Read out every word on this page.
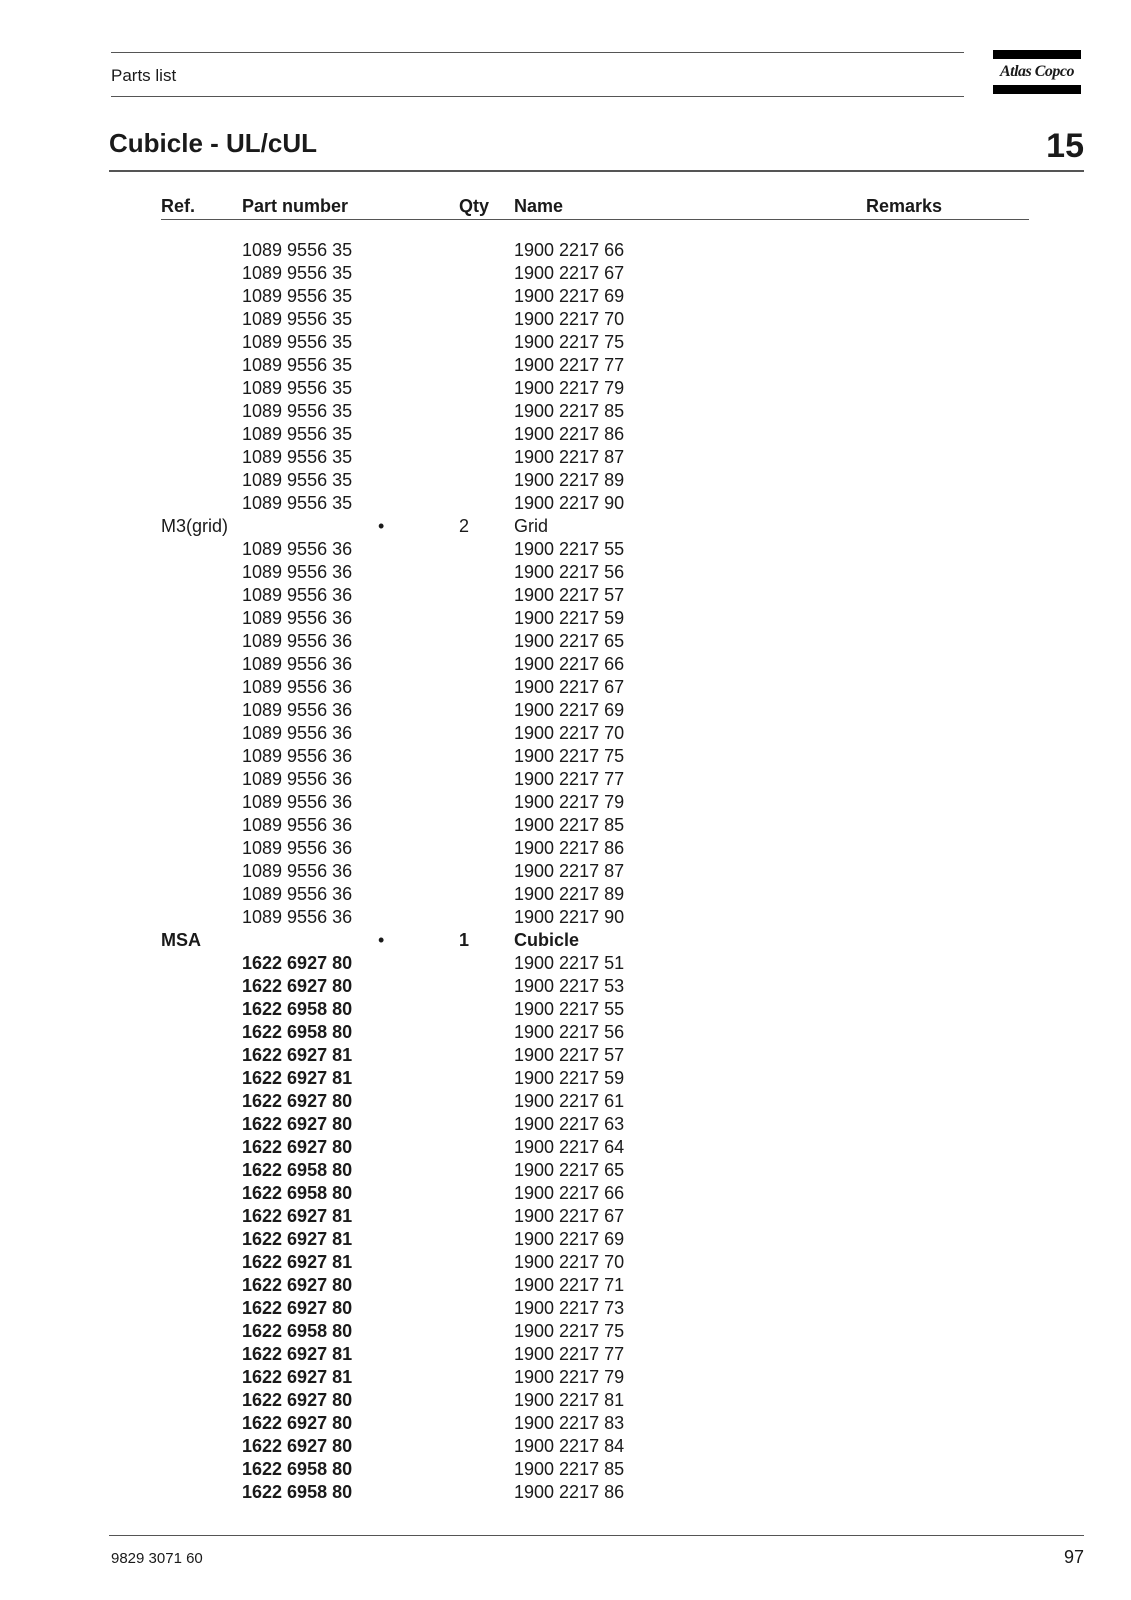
Parts list	Atlas Copco
Cubicle - UL/cUL	15
Ref.	Part number	Qty Name	Remarks
1089 9556 35	1900 2217 66
1089 9556 35	1900 2217 67
1089 9556 35	1900 2217 69
1089 9556 35	1900 2217 70
1089 9556 35	1900 2217 75
1089 9556 35	1900 2217 77
1089 9556 35	1900 2217 79
1089 9556 35	1900 2217 85
1089 9556 35	1900 2217 86
1089 9556 35	1900 2217 87
1089 9556 35	1900 2217 89
1089 9556 35	1900 2217 90
M3(grid)	•	2 Grid
1089 9556 36	1900 2217 55
1089 9556 36	1900 2217 56
1089 9556 36	1900 2217 57
1089 9556 36	1900 2217 59
1089 9556 36	1900 2217 65
1089 9556 36	1900 2217 66
1089 9556 36	1900 2217 67
1089 9556 36	1900 2217 69
1089 9556 36	1900 2217 70
1089 9556 36	1900 2217 75
1089 9556 36	1900 2217 77
1089 9556 36	1900 2217 79
1089 9556 36	1900 2217 85
1089 9556 36	1900 2217 86
1089 9556 36	1900 2217 87
1089 9556 36	1900 2217 89
1089 9556 36	1900 2217 90
MSA	•	1 Cubicle
1622 6927 80	1900 2217 51
1622 6927 80	1900 2217 53
1622 6958 80	1900 2217 55
1622 6958 80	1900 2217 56
1622 6927 81	1900 2217 57
1622 6927 81	1900 2217 59
1622 6927 80	1900 2217 61
1622 6927 80	1900 2217 63
1622 6927 80	1900 2217 64
1622 6958 80	1900 2217 65
1622 6958 80	1900 2217 66
1622 6927 81	1900 2217 67
1622 6927 81	1900 2217 69
1622 6927 81	1900 2217 70
1622 6927 80	1900 2217 71
1622 6927 80	1900 2217 73
1622 6958 80	1900 2217 75
1622 6927 81	1900 2217 77
1622 6927 81	1900 2217 79
1622 6927 80	1900 2217 81
1622 6927 80	1900 2217 83
1622 6927 80	1900 2217 84
1622 6958 80	1900 2217 85
1622 6958 80	1900 2217 86
9829 3071 60	97
